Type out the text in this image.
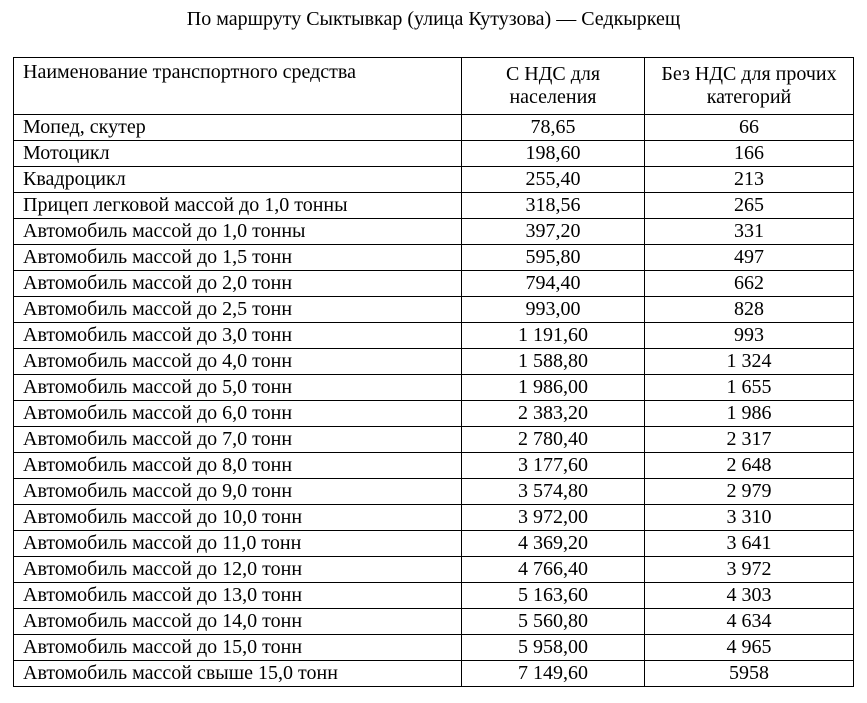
По маршруту Сыктывкар (улица Кутузова) — Седкыркещ
Наименование транспортного средства	С НДС для населения	Без НДС для прочих категорий
Мопед, скутер	78,65	66
Мотоцикл	198,60	166
Квадроцикл	255,40	213
Прицеп легковой массой до 1,0 тонны	318,56	265
Автомобиль массой до 1,0 тонны	397,20	331
Автомобиль массой до 1,5 тонн	595,80	497
Автомобиль массой до 2,0 тонн	794,40	662
Автомобиль массой до 2,5 тонн	993,00	828
Автомобиль массой до 3,0 тонн	1 191,60	993
Автомобиль массой до 4,0 тонн	1 588,80	1 324
Автомобиль массой до 5,0 тонн	1 986,00	1 655
Автомобиль массой до 6,0 тонн	2 383,20	1 986
Автомобиль массой до 7,0 тонн	2 780,40	2 317
Автомобиль массой до 8,0 тонн	3 177,60	2 648
Автомобиль массой до 9,0 тонн	3 574,80	2 979
Автомобиль массой до 10,0 тонн	3 972,00	3 310
Автомобиль массой до 11,0 тонн	4 369,20	3 641
Автомобиль массой до 12,0 тонн	4 766,40	3 972
Автомобиль массой до 13,0 тонн	5 163,60	4 303
Автомобиль массой до 14,0 тонн	5 560,80	4 634
Автомобиль массой до 15,0 тонн	5 958,00	4 965
Автомобиль массой свыше 15,0 тонн	7 149,60	5958
